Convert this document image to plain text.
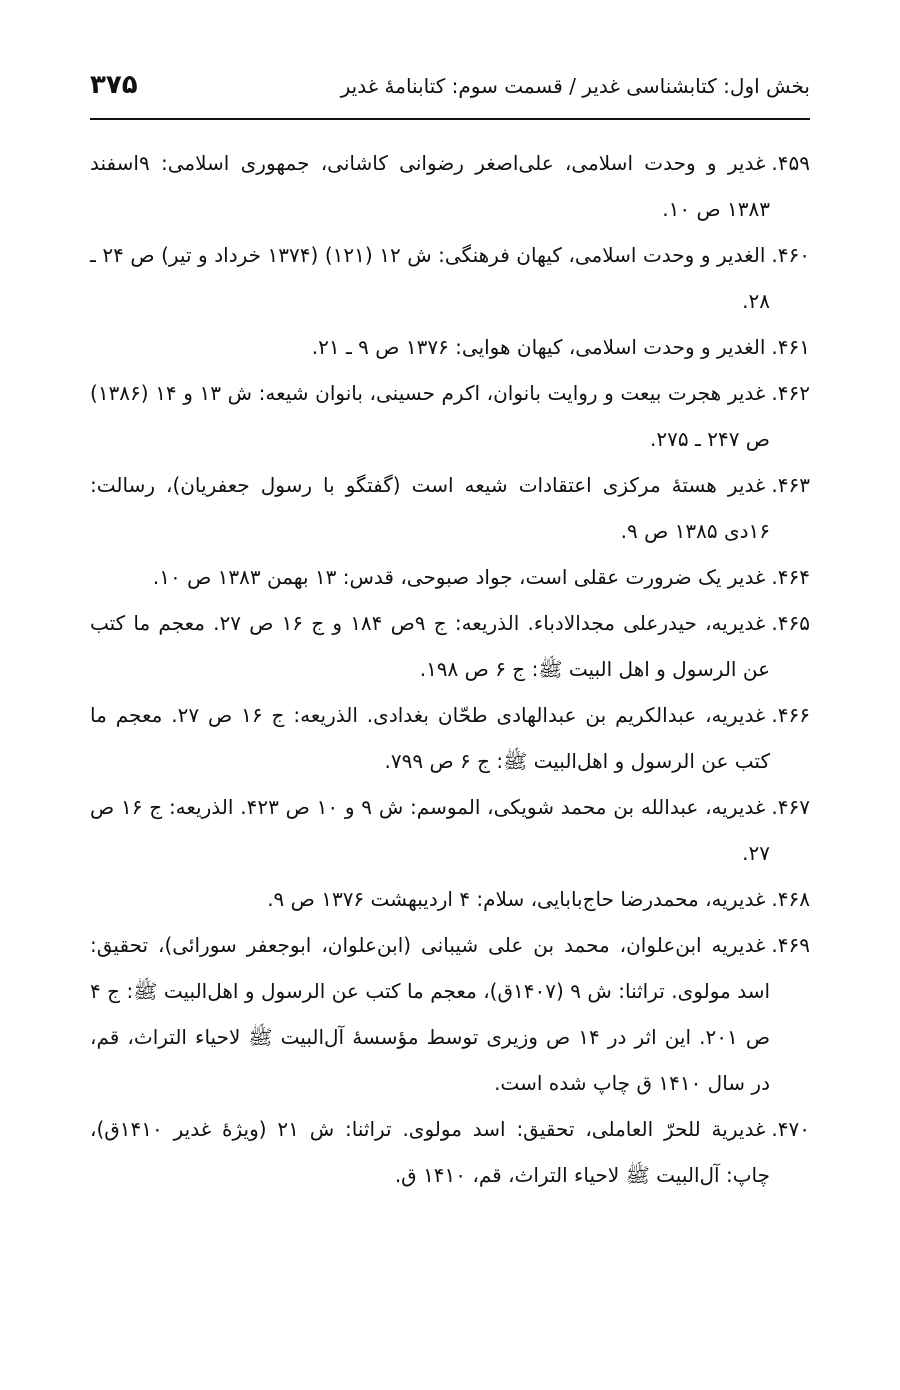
بخش اول: کتابشناسی غدیر / قسمت سوم: کتابنامهٔ غدیر
۳۷۵

۴۵۹.غدیر و وحدت اسلامی، علی‌اصغر رضوانی کاشانی، جمهوری اسلامی: ۹اسفند ۱۳۸۳ ص ۱۰.

۴۶۰.الغدیر و وحدت اسلامی، کیهان فرهنگی: ش ۱۲ (۱۲۱) (۱۳۷۴ خرداد و تیر) ص ۲۴ ـ ۲۸.

۴۶۱.الغدیر و وحدت اسلامی، کیهان هوایی: ۱۳۷۶ ص ۹ ـ ۲۱.

۴۶۲.غدیر هجرت بیعت و روایت بانوان، اکرم حسینی، بانوان شیعه: ش ۱۳ و ۱۴ (۱۳۸۶) ص ۲۴۷ ـ ۲۷۵.

۴۶۳.غدیر هستهٔ مرکزی اعتقادات شیعه است (گفتگو با رسول جعفریان)، رسالت: ۱۶دی ۱۳۸۵ ص ۹.

۴۶۴.غدیر یک ضرورت عقلی است، جواد صبوحی، قدس: ۱۳ بهمن ۱۳۸۳ ص ۱۰.

۴۶۵.غدیریه، حیدرعلی مجدالادباء. الذریعه: ج ۹ص ۱۸۴ و ج ۱۶ ص ۲۷. معجم ما کتب عن الرسول و اهل البیت ﷺ: ج ۶ ص ۱۹۸.

۴۶۶.غدیریه، عبدالکریم بن عبدالهادی طحّان بغدادی. الذریعه: ج ۱۶ ص ۲۷. معجم ما کتب عن الرسول و اهل‌البیت ﷺ: ج ۶ ص ۷۹۹.

۴۶۷.غدیریه، عبدالله بن محمد شویکی، الموسم: ش ۹ و ۱۰ ص ۴۲۳. الذریعه: ج ۱۶ ص ۲۷.

۴۶۸.غدیریه، محمدرضا حاج‌بابایی، سلام: ۴ اردیبهشت ۱۳۷۶ ص ۹.

۴۶۹.غدیریه ابن‌علوان، محمد بن علی شیبانی (ابن‌علوان، ابوجعفر سورائی)، تحقیق: اسد مولوی. تراثنا: ش ۹ (۱۴۰۷ق)، معجم ما کتب عن الرسول و اهل‌البیت ﷺ: ج ۴ ص ۲۰۱. این اثر در ۱۴ ص وزیری توسط مؤسسهٔ آل‌البیت ﷺ لاحیاء التراث، قم، در سال ۱۴۱۰ ق چاپ شده است.

۴۷۰.غدیریة للحرّ العاملی، تحقیق: اسد مولوی. تراثنا: ش ۲۱ (ویژهٔ غدیر ۱۴۱۰ق)، چاپ: آل‌البیت ﷺ لاحیاء التراث، قم، ۱۴۱۰ ق.
